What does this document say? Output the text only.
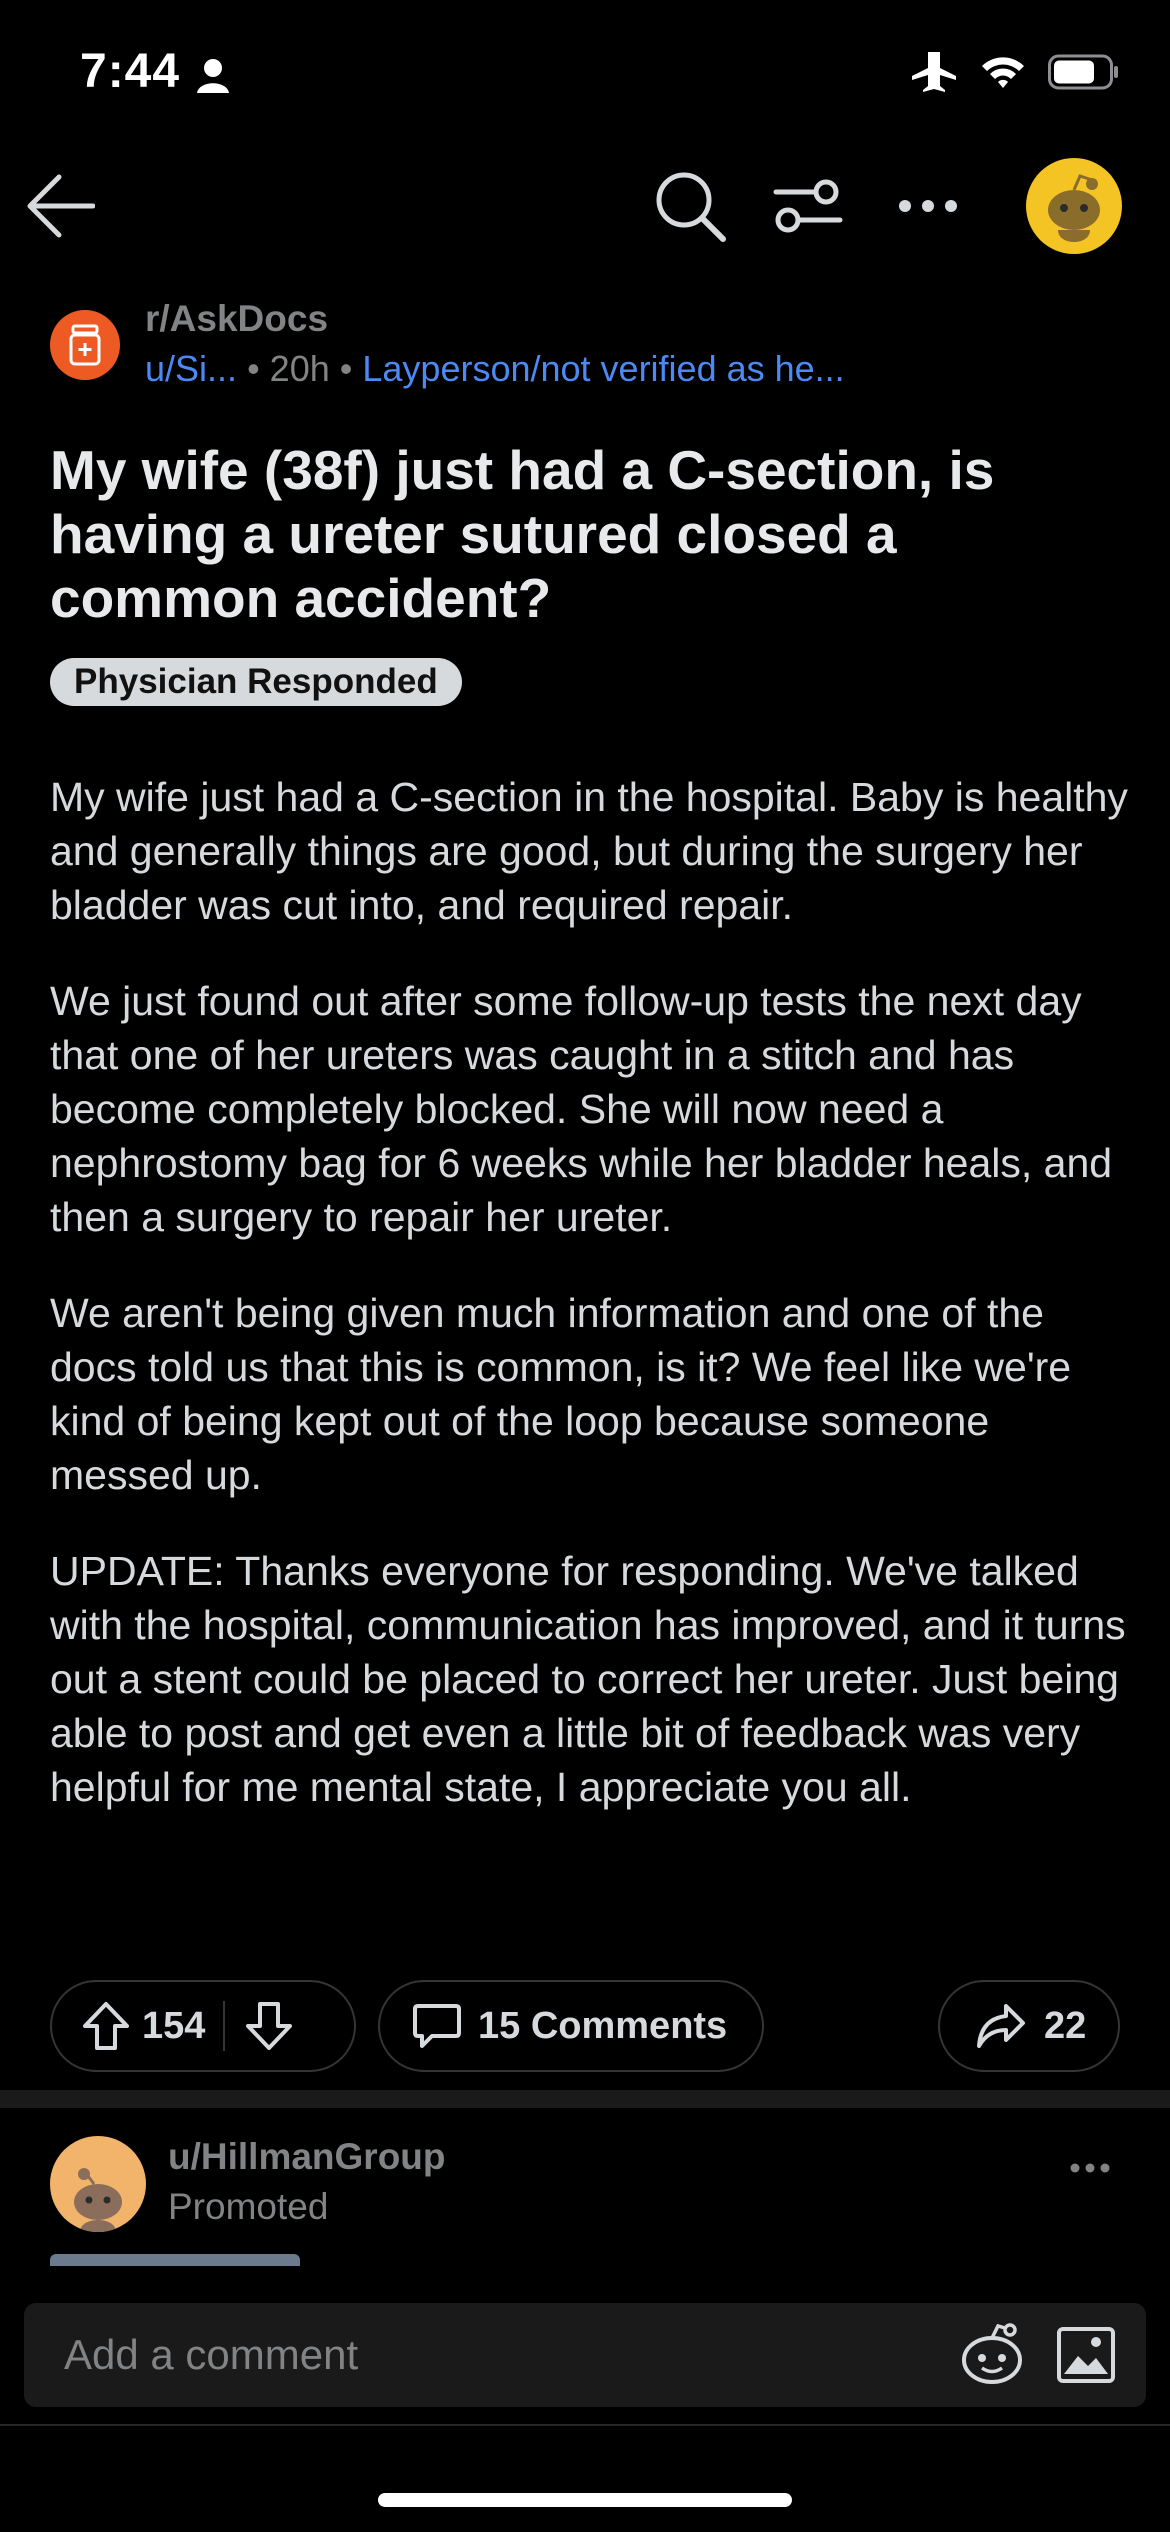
7:44
r/AskDocs
u/Si... • 20h • Layperson/not verified as he...
My wife (38f) just had a C-section, is having a ureter sutured closed a common accident?
Physician Responded

My wife just had a C-section in the hospital. Baby is healthy and generally things are good, but during the surgery her bladder was cut into, and required repair.

We just found out after some follow-up tests the next day that one of her ureters was caught in a stitch and has become completely blocked. She will now need a nephrostomy bag for 6 weeks while her bladder heals, and then a surgery to repair her ureter.

We aren't being given much information and one of the docs told us that this is common, is it? We feel like we're kind of being kept out of the loop because someone messed up.

UPDATE: Thanks everyone for responding. We've talked with the hospital, communication has improved, and it turns out a stent could be placed to correct her ureter. Just being able to post and get even a little bit of feedback was very helpful for me mental state, I appreciate you all.

154	15 Comments	22
u/HillmanGroup
Promoted
Add a comment
